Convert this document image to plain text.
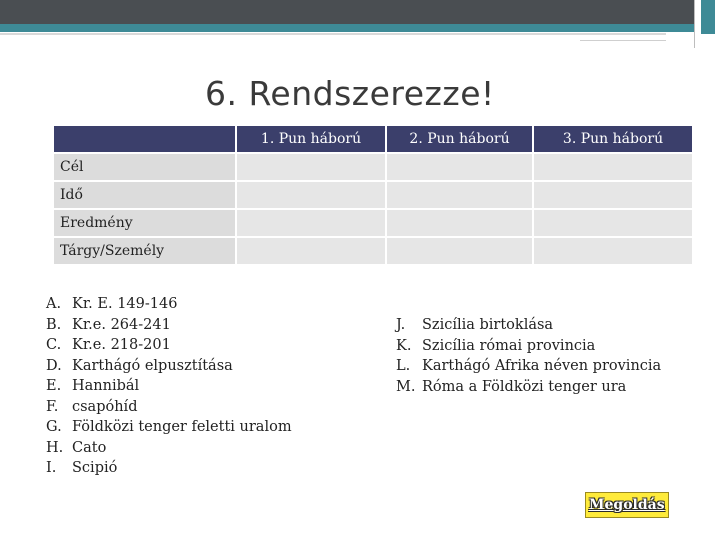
6. Rendszerezze!
	1. Pun háború	2. Pun háború	3. Pun háború
Cél			
Idő			
Eredmény			
Tárgy/Személy			
A. Kr. E. 149-146
B. Kr.e. 264-241
C. Kr.e. 218-201
D. Karthágó elpusztítása
E. Hannibál
F. csapóhíd
G. Földközi tenger feletti uralom
H. Cato
I. Scipió
J. Szicília birtoklása
K. Szicília római provincia
L. Karthágó Afrika néven provincia
M. Róma a Földközi tenger ura
Megoldás
